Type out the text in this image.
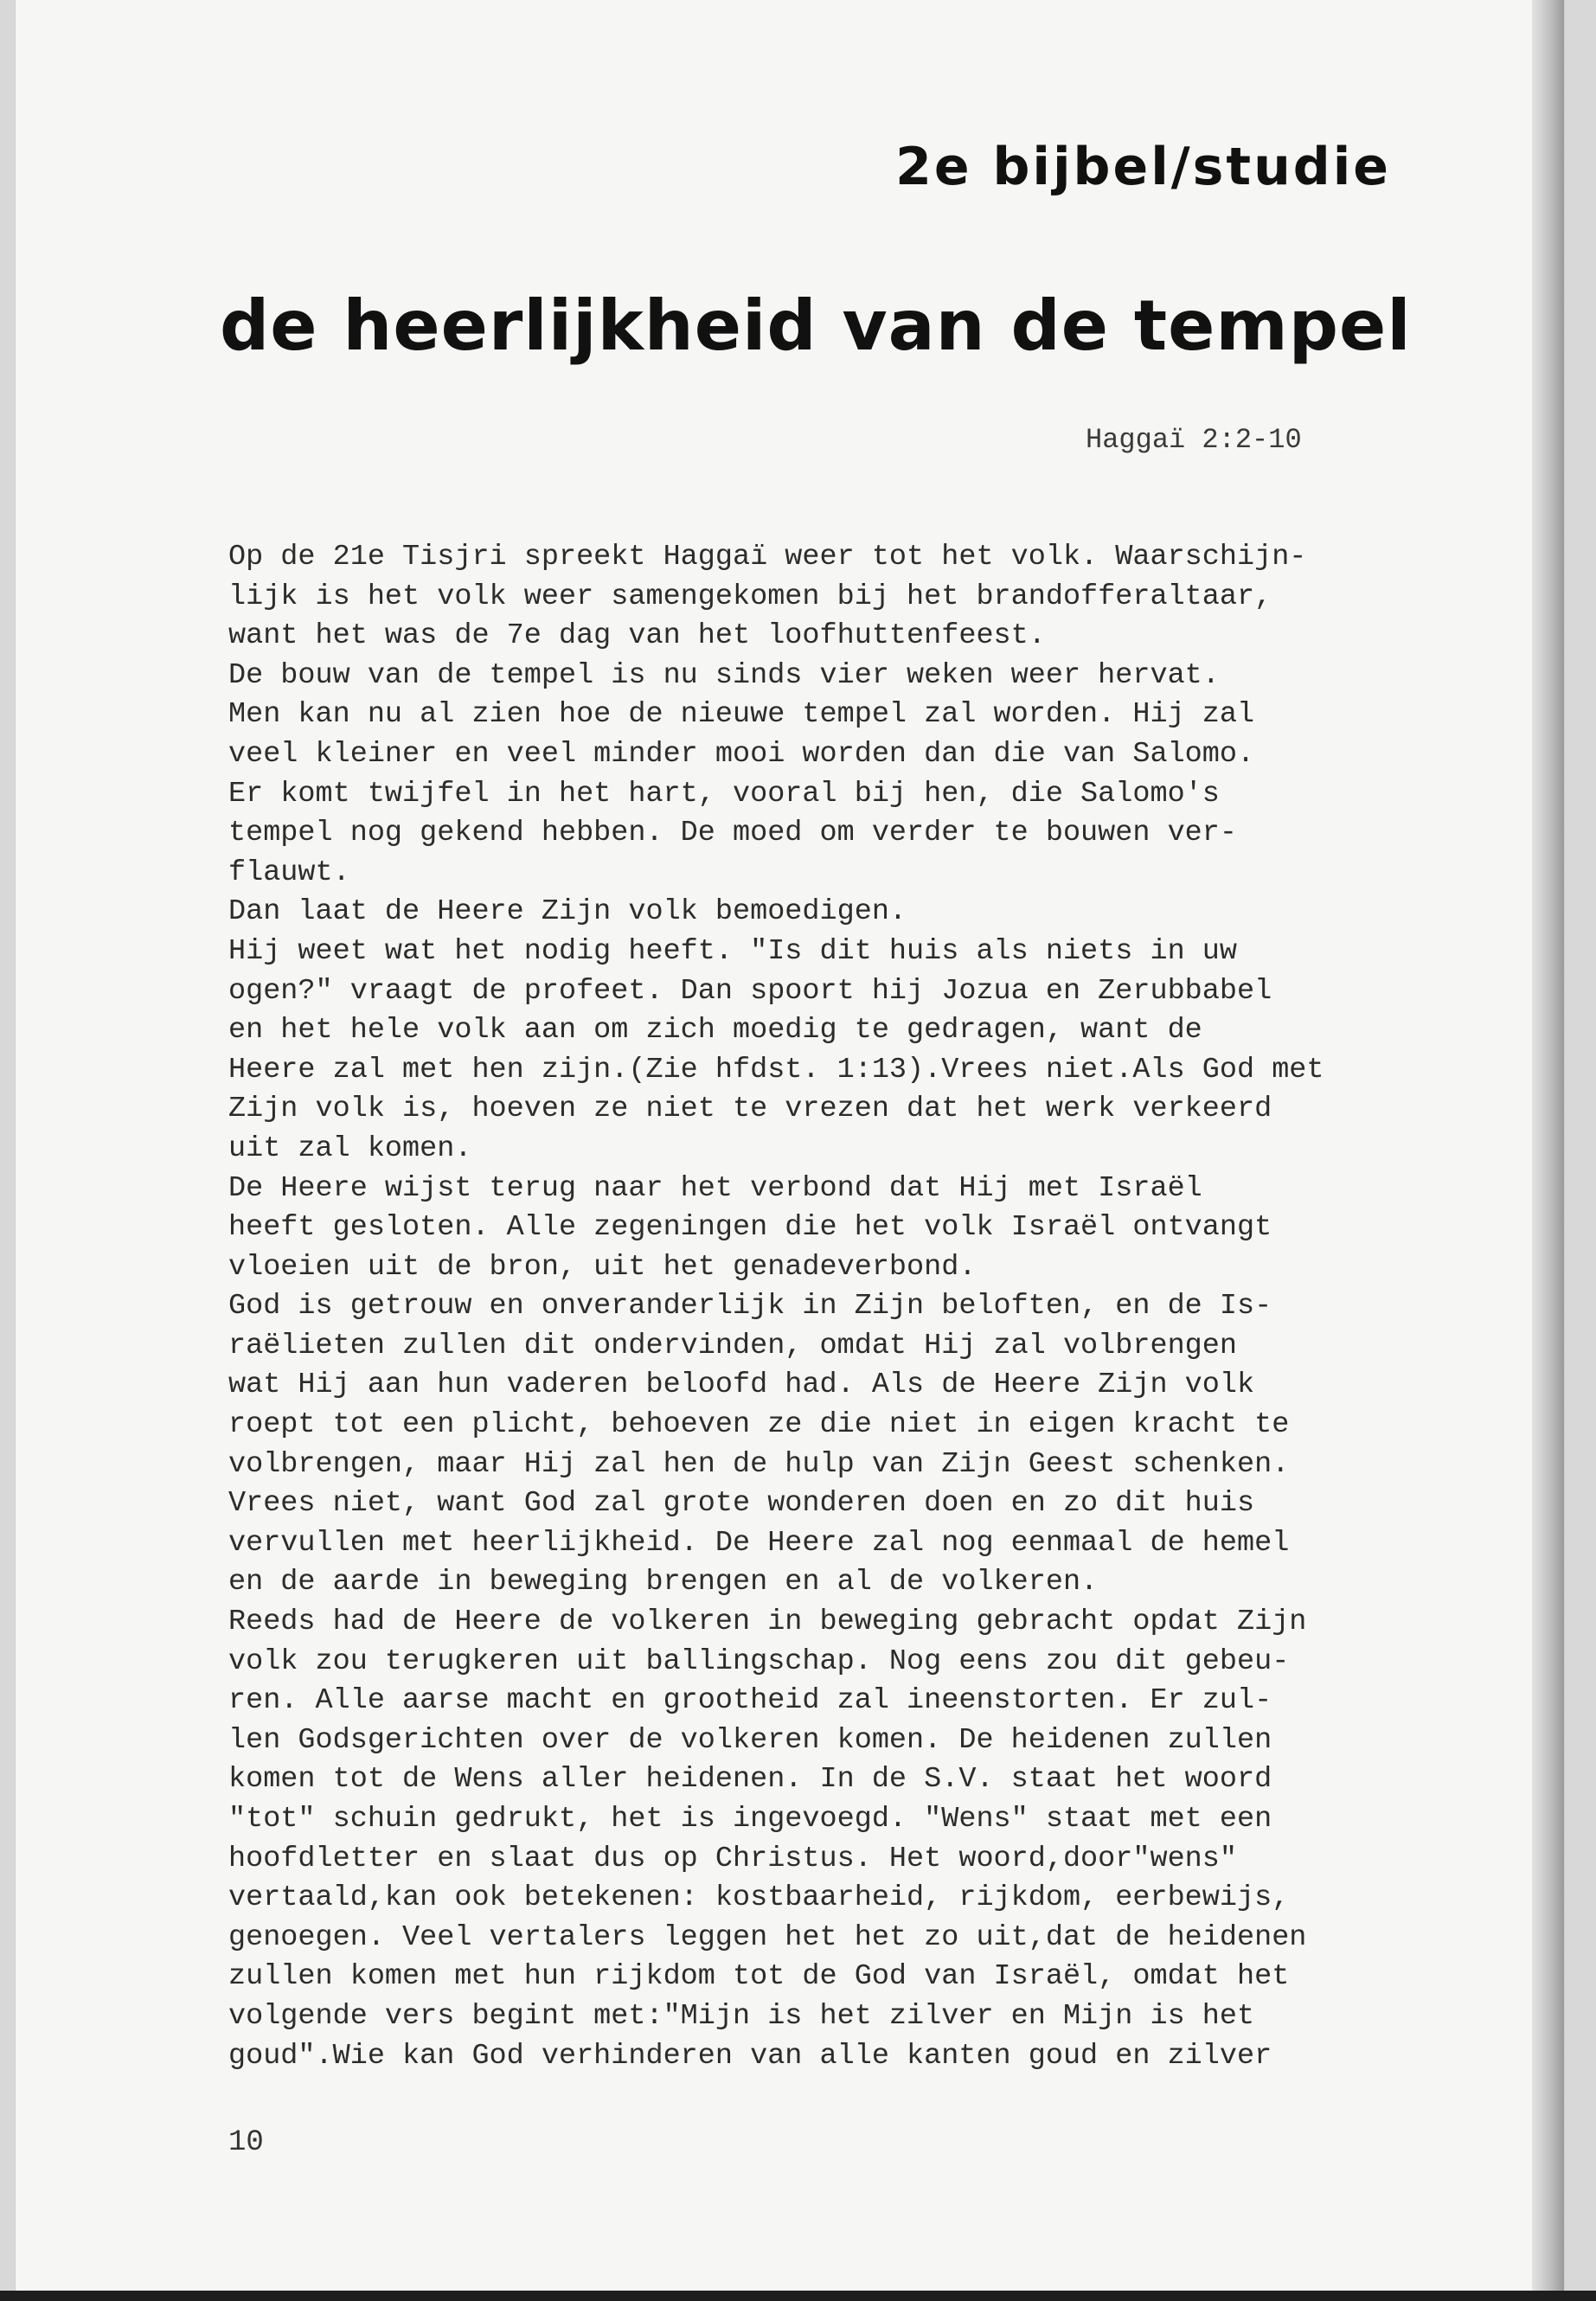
2e bijbel/studie
de heerlijkheid van de tempel

Haggaï 2:2-10

Op de 21e Tisjri spreekt Haggaï weer tot het volk. Waarschijn-
lijk is het volk weer samengekomen bij het brandofferaltaar,
want het was de 7e dag van het loofhuttenfeest.
De bouw van de tempel is nu sinds vier weken weer hervat.
Men kan nu al zien hoe de nieuwe tempel zal worden. Hij zal
veel kleiner en veel minder mooi worden dan die van Salomo.
Er komt twijfel in het hart, vooral bij hen, die Salomo's
tempel nog gekend hebben. De moed om verder te bouwen ver-
flauwt.
Dan laat de Heere Zijn volk bemoedigen.
Hij weet wat het nodig heeft. "Is dit huis als niets in uw
ogen?" vraagt de profeet. Dan spoort hij Jozua en Zerubbabel
en het hele volk aan om zich moedig te gedragen, want de
Heere zal met hen zijn.(Zie hfdst. 1:13).Vrees niet.Als God met
Zijn volk is, hoeven ze niet te vrezen dat het werk verkeerd
uit zal komen.
De Heere wijst terug naar het verbond dat Hij met Israël
heeft gesloten. Alle zegeningen die het volk Israël ontvangt
vloeien uit de bron, uit het genadeverbond.
God is getrouw en onveranderlijk in Zijn beloften, en de Is-
raëlieten zullen dit ondervinden, omdat Hij zal volbrengen
wat Hij aan hun vaderen beloofd had. Als de Heere Zijn volk
roept tot een plicht, behoeven ze die niet in eigen kracht te
volbrengen, maar Hij zal hen de hulp van Zijn Geest schenken.
Vrees niet, want God zal grote wonderen doen en zo dit huis
vervullen met heerlijkheid. De Heere zal nog eenmaal de hemel
en de aarde in beweging brengen en al de volkeren.
Reeds had de Heere de volkeren in beweging gebracht opdat Zijn
volk zou terugkeren uit ballingschap. Nog eens zou dit gebeu-
ren. Alle aarse macht en grootheid zal ineenstorten. Er zul-
len Godsgerichten over de volkeren komen. De heidenen zullen
komen tot de Wens aller heidenen. In de S.V. staat het woord
"tot" schuin gedrukt, het is ingevoegd. "Wens" staat met een
hoofdletter en slaat dus op Christus. Het woord,door"wens"
vertaald,kan ook betekenen: kostbaarheid, rijkdom, eerbewijs,
genoegen. Veel vertalers leggen het het zo uit,dat de heidenen
zullen komen met hun rijkdom tot de God van Israël, omdat het
volgende vers begint met:"Mijn is het zilver en Mijn is het
goud".Wie kan God verhinderen van alle kanten goud en zilver

10
